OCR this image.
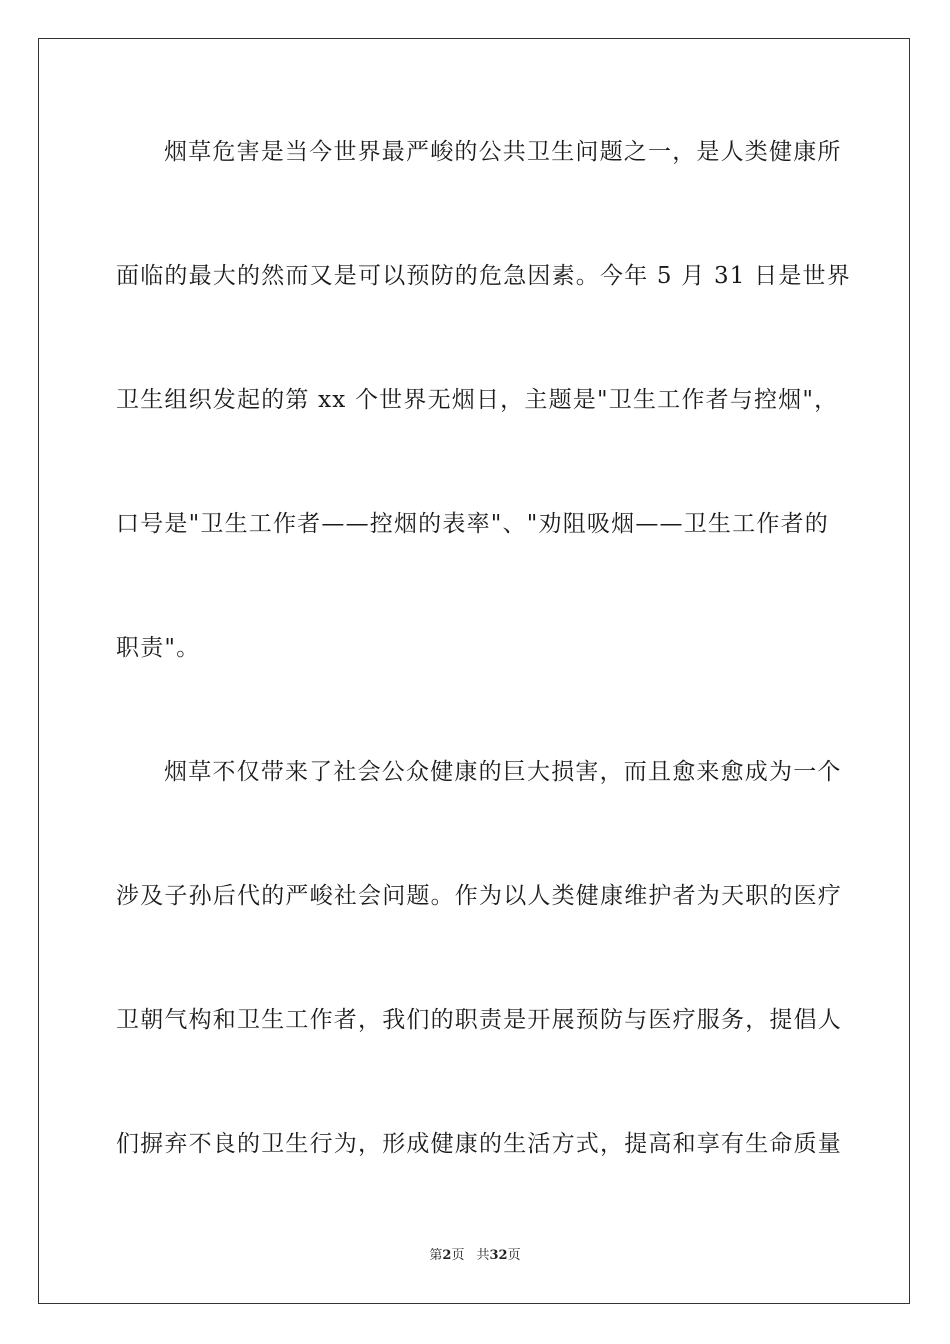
烟草危害是当今世界最严峻的公共卫生问题之一，是人类健康所
面临的最大的然而又是可以预防的危急因素。今年 5 月 31 日是世界
卫生组织发起的第 xx 个世界无烟日，主题是"卫生工作者与控烟"，
口号是"卫生工作者——控烟的表率"、"劝阻吸烟——卫生工作者的
职责"。
烟草不仅带来了社会公众健康的巨大损害，而且愈来愈成为一个
涉及子孙后代的严峻社会问题。作为以人类健康维护者为天职的医疗
卫朝气构和卫生工作者，我们的职责是开展预防与医疗服务，提倡人
们摒弃不良的卫生行为，形成健康的生活方式，提高和享有生命质量
第2页 共32页
